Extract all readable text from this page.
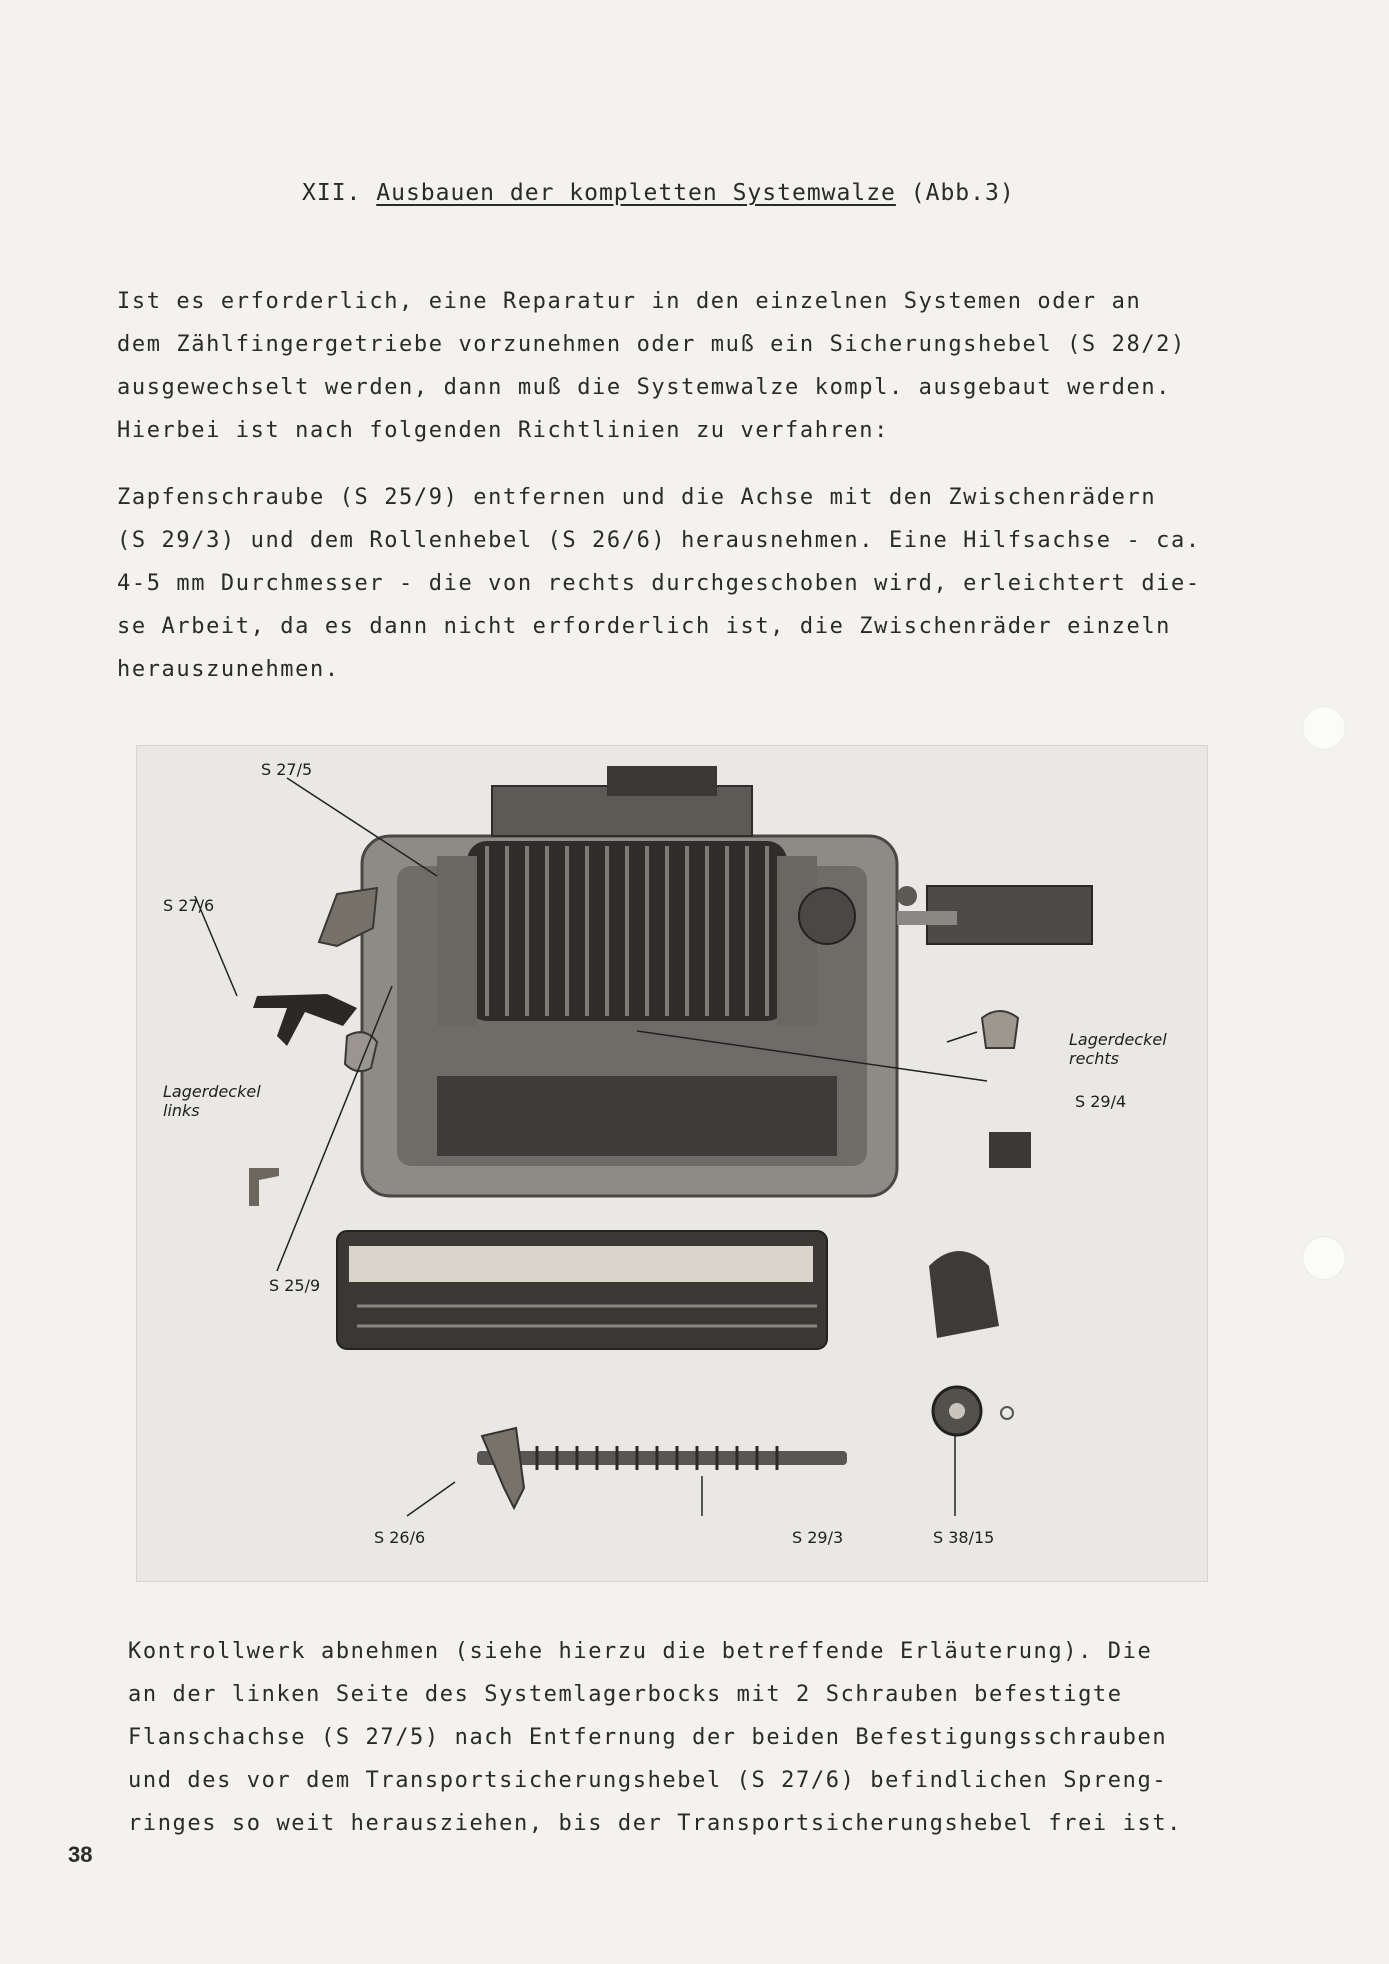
XII. Ausbauen der kompletten Systemwalze (Abb.3)
Ist es erforderlich, eine Reparatur in den einzelnen Systemen oder an
dem Zählfingergetriebe vorzunehmen oder muß ein Sicherungshebel (S 28/2)
ausgewechselt werden, dann muß die Systemwalze kompl. ausgebaut werden.
Hierbei ist nach folgenden Richtlinien zu verfahren:
Zapfenschraube (S 25/9) entfernen und die Achse mit den Zwischenrädern
(S 29/3) und dem Rollenhebel (S 26/6) herausnehmen. Eine Hilfsachse - ca.
4-5 mm Durchmesser - die von rechts durchgeschoben wird, erleichtert die-
se Arbeit, da es dann nicht erforderlich ist, die Zwischenräder einzeln
herauszunehmen.
S 27/5
S 27/6
Lagerdeckel
links
Lagerdeckel
rechts
S 29/4
S 25/9
S 26/6	S 29/3	S 38/15
Kontrollwerk abnehmen (siehe hierzu die betreffende Erläuterung). Die
an der linken Seite des Systemlagerbocks mit 2 Schrauben befestigte
Flanschachse (S 27/5) nach Entfernung der beiden Befestigungsschrauben
und des vor dem Transportsicherungshebel (S 27/6) befindlichen Spreng-
ringes so weit herausziehen, bis der Transportsicherungshebel frei ist.
38
